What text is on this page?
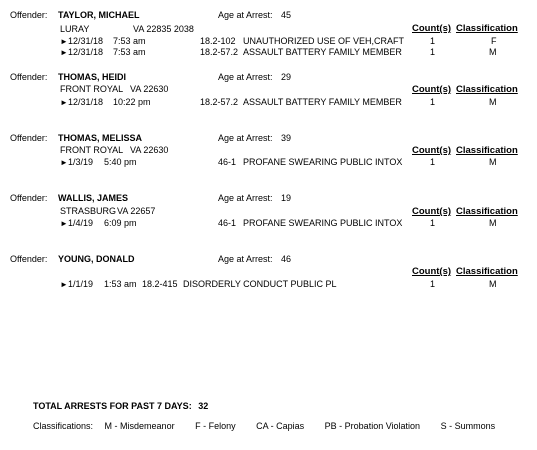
Offender: TAYLOR, MICHAEL	Age at Arrest: 45
LURAY	VA 22835 2038	Count(s) Classification
► 12/31/18 7:53 am	18.2-102 UNAUTHORIZED USE OF VEH,CRAFT	1	F
► 12/31/18 7:53 am	18.2-57.2 ASSAULT BATTERY FAMILY MEMBER	1	M
Offender: THOMAS, HEIDI	Age at Arrest: 29
FRONT ROYAL VA 22630	Count(s) Classification
► 12/31/18 10:22 pm	18.2-57.2 ASSAULT BATTERY FAMILY MEMBER	1	M
Offender: THOMAS, MELISSA	Age at Arrest: 39
FRONT ROYAL VA 22630	Count(s) Classification
► 1/3/19 5:40 pm	46-1 PROFANE SWEARING PUBLIC INTOX	1	M
Offender: WALLIS, JAMES	Age at Arrest: 19
STRASBURG VA 22657	Count(s) Classification
► 1/4/19 6:09 pm	46-1 PROFANE SWEARING PUBLIC INTOX	1	M
Offender: YOUNG, DONALD	Age at Arrest: 46
Count(s) Classification
► 1/1/19 1:53 am 18.2-415 DISORDERLY CONDUCT PUBLIC PL	1	M
TOTAL ARRESTS FOR PAST 7 DAYS: 32
Classifications: M - Misdemeanor F - Felony CA - Capias PB - Probation Violation S - Summons
